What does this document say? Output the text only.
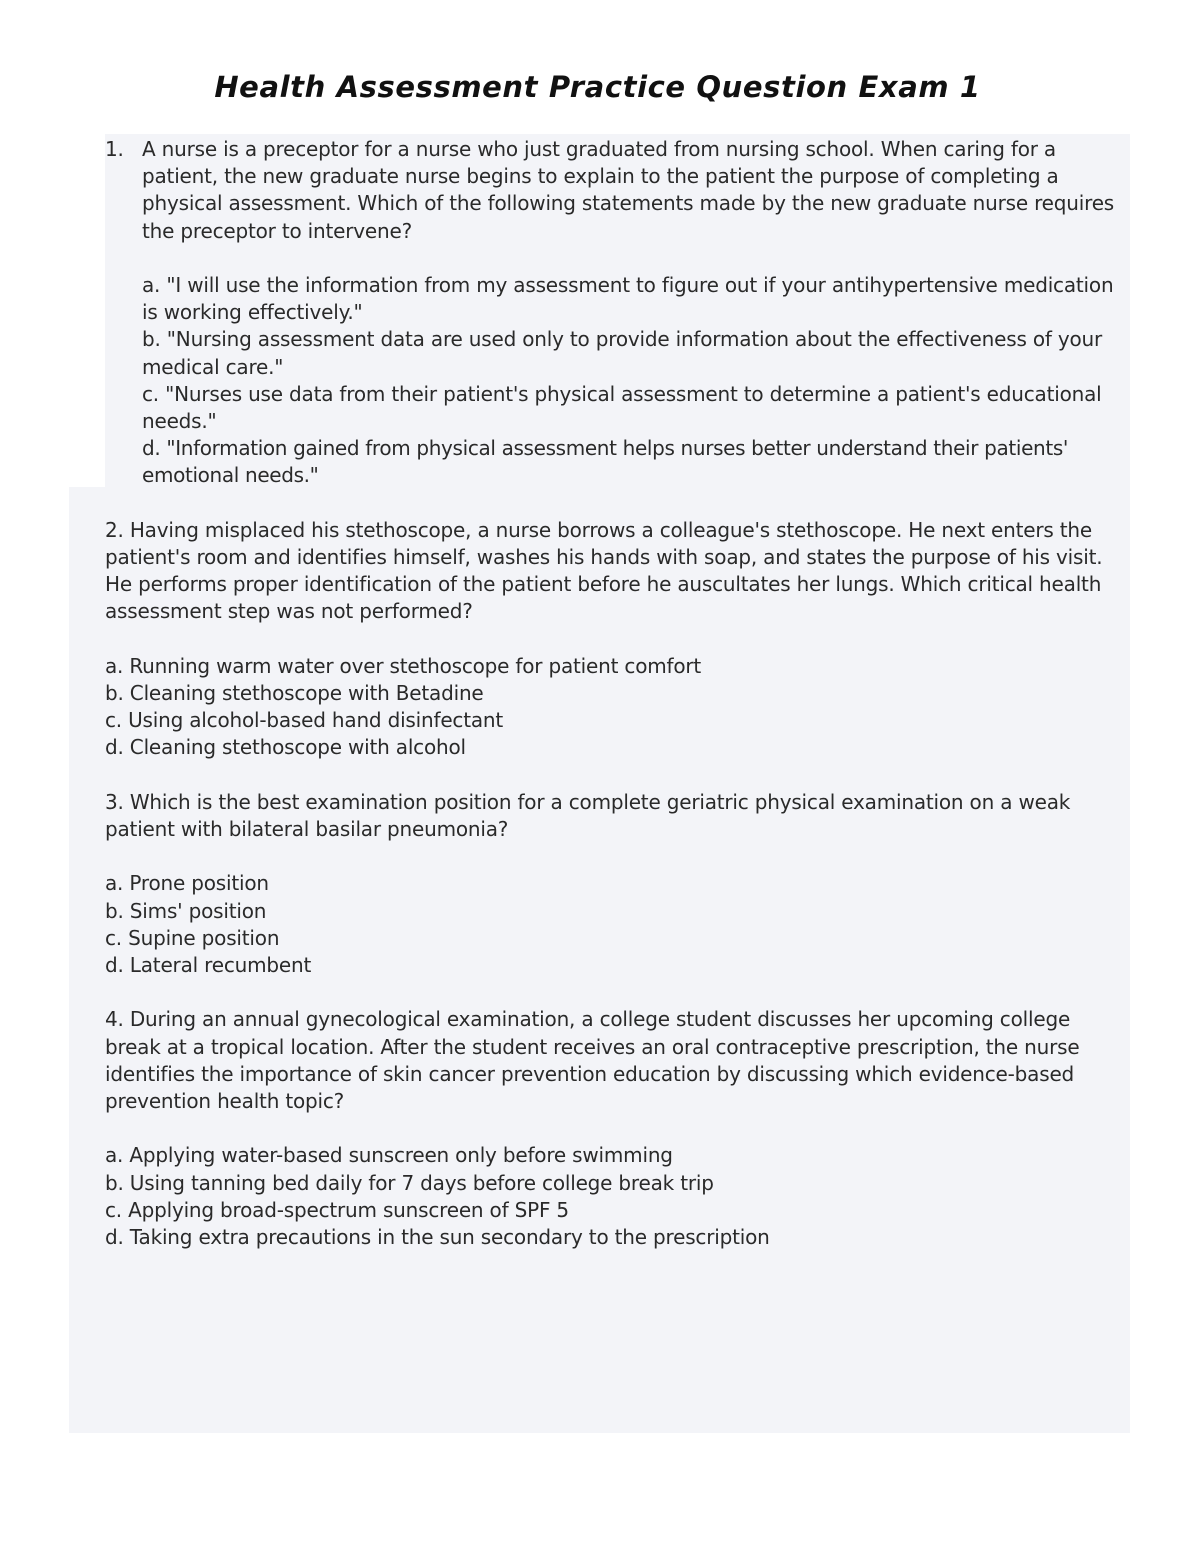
Health Assessment Practice Question Exam 1
1. A nurse is a preceptor for a nurse who just graduated from nursing school. When caring for a patient, the new graduate nurse begins to explain to the patient the purpose of completing a physical assessment. Which of the following statements made by the new graduate nurse requires the preceptor to intervene?
a. "I will use the information from my assessment to figure out if your antihypertensive medication is working effectively."
b. "Nursing assessment data are used only to provide information about the effectiveness of your medical care."
c. "Nurses use data from their patient's physical assessment to determine a patient's educational needs."
d. "Information gained from physical assessment helps nurses better understand their patients' emotional needs."
2. Having misplaced his stethoscope, a nurse borrows a colleague's stethoscope. He next enters the patient's room and identifies himself, washes his hands with soap, and states the purpose of his visit. He performs proper identification of the patient before he auscultates her lungs. Which critical health assessment step was not performed?
a. Running warm water over stethoscope for patient comfort
b. Cleaning stethoscope with Betadine
c. Using alcohol-based hand disinfectant
d. Cleaning stethoscope with alcohol
3. Which is the best examination position for a complete geriatric physical examination on a weak patient with bilateral basilar pneumonia?
a. Prone position
b. Sims' position
c. Supine position
d. Lateral recumbent
4. During an annual gynecological examination, a college student discusses her upcoming college break at a tropical location. After the student receives an oral contraceptive prescription, the nurse identifies the importance of skin cancer prevention education by discussing which evidence-based prevention health topic?
a. Applying water-based sunscreen only before swimming
b. Using tanning bed daily for 7 days before college break trip
c. Applying broad-spectrum sunscreen of SPF 5
d. Taking extra precautions in the sun secondary to the prescription
